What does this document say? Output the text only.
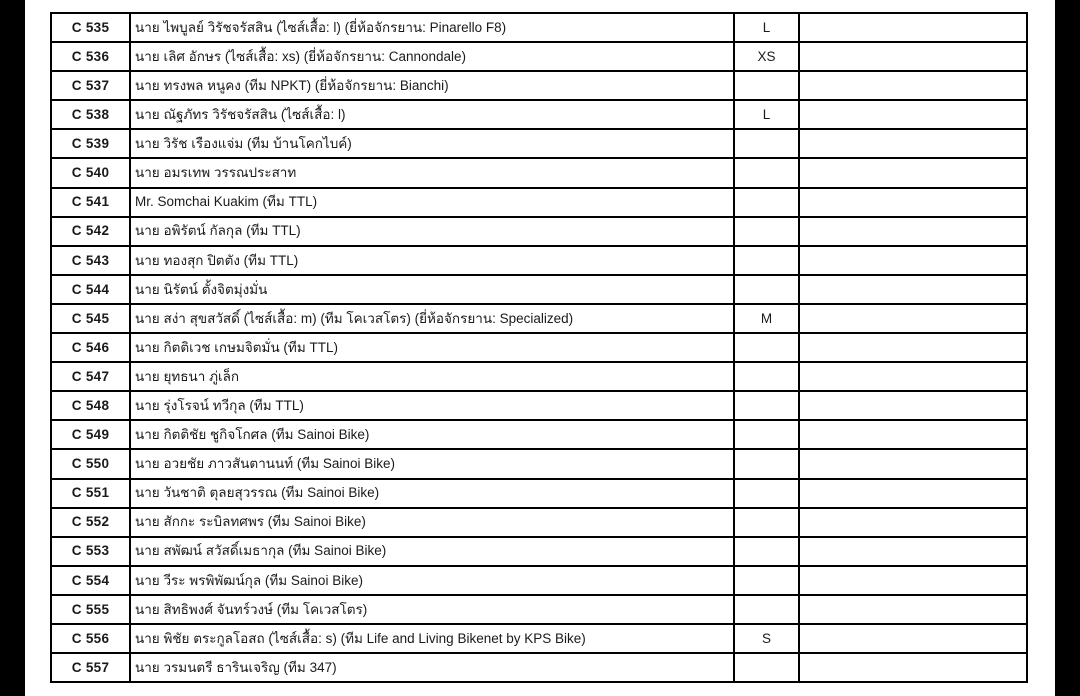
C 535	นาย ไพบูลย์ วิรัชจรัสสิน (ไซส์เสื้อ: l) (ยี่ห้อจักรยาน: Pinarello F8)	L
C 536	นาย เลิศ อักษร (ไซส์เสื้อ: xs) (ยี่ห้อจักรยาน: Cannondale)	XS
C 537	นาย ทรงพล หนูคง (ทีม NPKT) (ยี่ห้อจักรยาน: Bianchi)
C 538	นาย ณัฐภัทร วิรัชจรัสสิน (ไซส์เสื้อ: l)	L
C 539	นาย วิรัช เรืองแจ่ม (ทีม บ้านโคกไบค์)
C 540	นาย อมรเทพ วรรณประสาท
C 541	Mr. Somchai Kuakim (ทีม TTL)
C 542	นาย อพิรัตน์ กัลกุล (ทีม TTL)
C 543	นาย ทองสุก ปิตตัง (ทีม TTL)
C 544	นาย นิรัตน์ ตั้งจิตมุ่งมั่น
C 545	นาย สง่า สุขสวัสดิ์ (ไซส์เสื้อ: m) (ทีม โคเวสโตร) (ยี่ห้อจักรยาน: Specialized)	M
C 546	นาย กิตติเวช เกษมจิตมั่น (ทีม TTL)
C 547	นาย ยุทธนา ภู่เล็ก
C 548	นาย รุ่งโรจน์ ทวีกุล (ทีม TTL)
C 549	นาย กิตติชัย ชูกิจโกศล (ทีม Sainoi Bike)
C 550	นาย อวยชัย ภาวสันตานนท์ (ทีม Sainoi Bike)
C 551	นาย วันชาติ ตุลยสุวรรณ (ทีม Sainoi Bike)
C 552	นาย สักกะ ระบิลทศพร (ทีม Sainoi Bike)
C 553	นาย สพัฒน์ สวัสดิ์เมธากุล (ทีม Sainoi Bike)
C 554	นาย วีระ พรพิพัฒน์กุล (ทีม Sainoi Bike)
C 555	นาย สิทธิพงศ์ จันทร์วงษ์ (ทีม โคเวสโตร)
C 556	นาย พิชัย ตระกูลโอสถ (ไซส์เสื้อ: s) (ทีม Life and Living Bikenet by KPS Bike)	S
C 557	นาย วรมนตรี ธารินเจริญ (ทีม 347)
